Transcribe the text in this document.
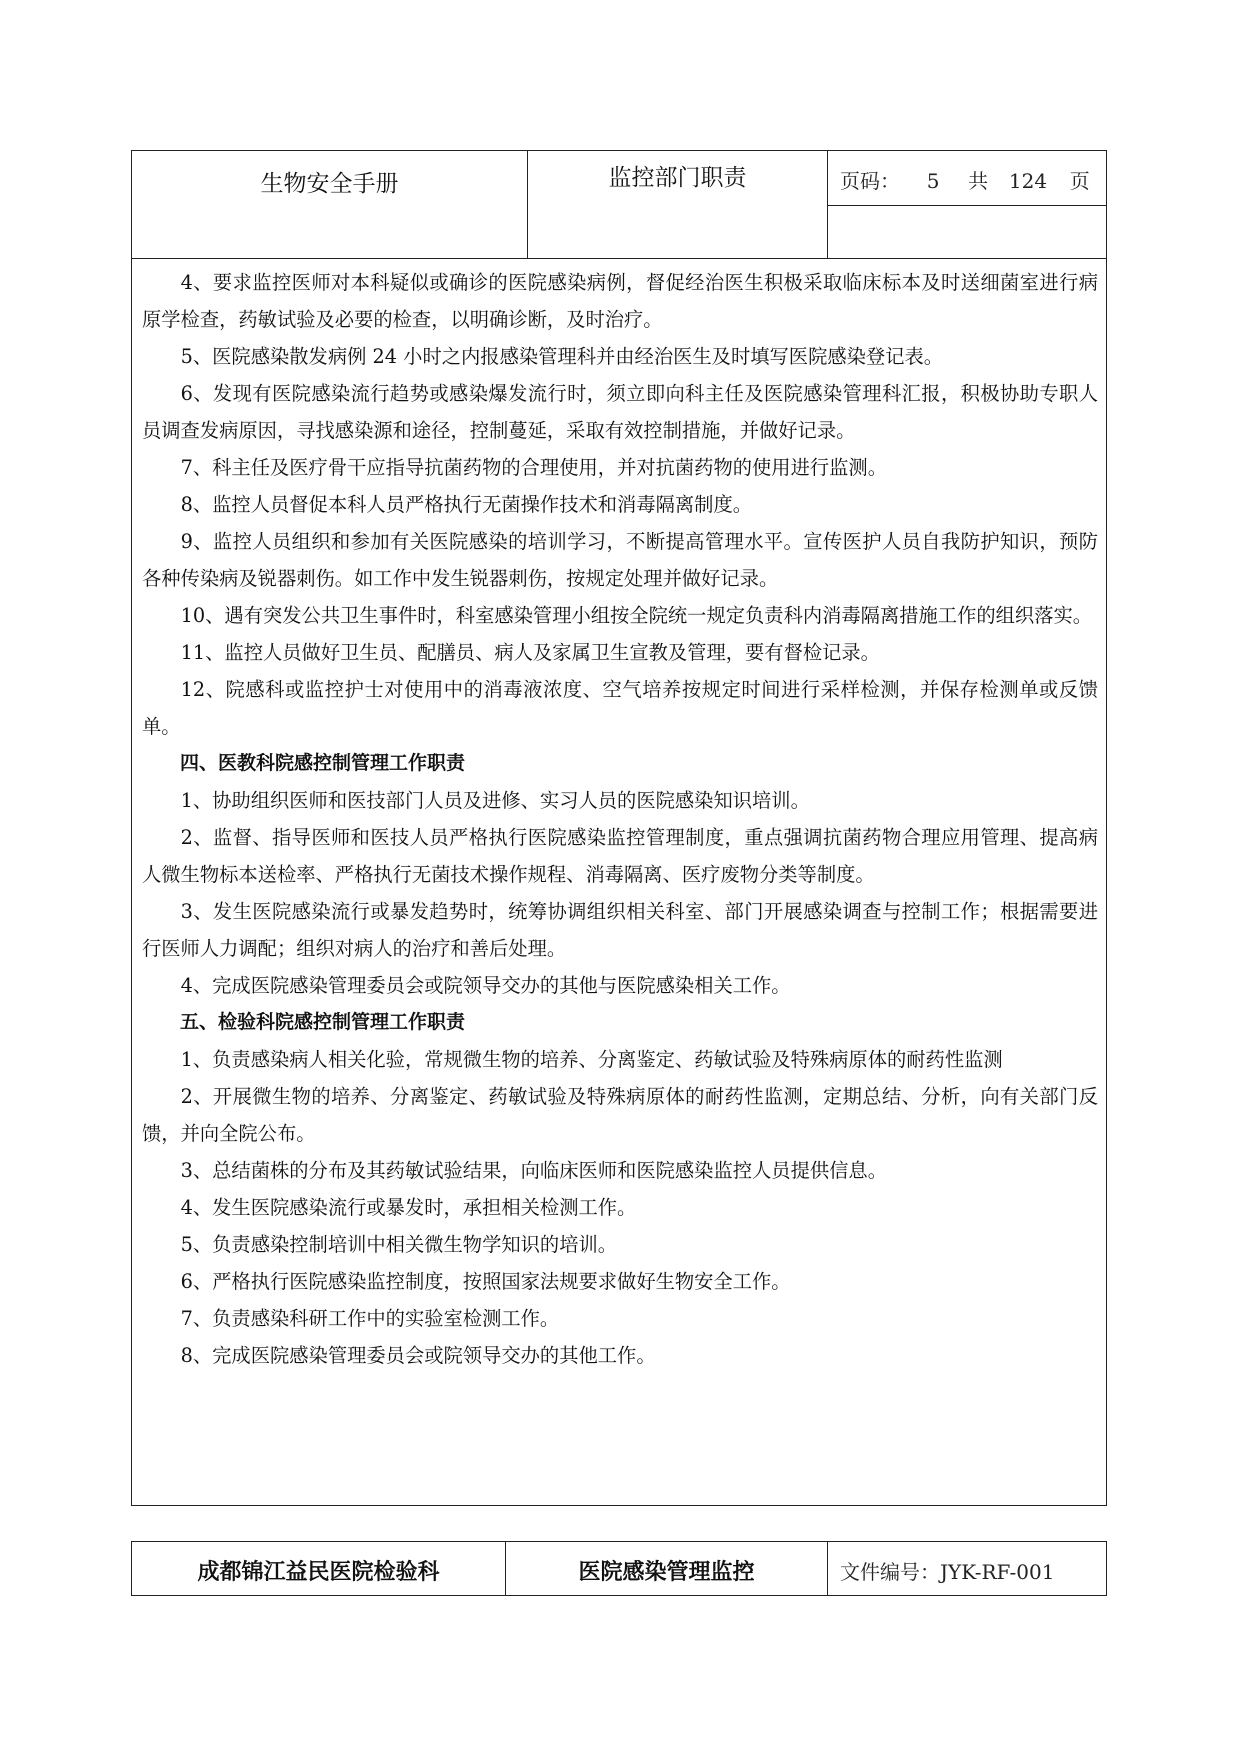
生物安全手册	监控部门职责	页码： 5 共 124 页

4、要求监控医师对本科疑似或确诊的医院感染病例，督促经治医生积极采取临床标本及时送细菌室进行病原学检查，药敏试验及必要的检查，以明确诊断，及时治疗。

5、医院感染散发病例 24 小时之内报感染管理科并由经治医生及时填写医院感染登记表。

6、发现有医院感染流行趋势或感染爆发流行时，须立即向科主任及医院感染管理科汇报，积极协助专职人员调查发病原因，寻找感染源和途径，控制蔓延，采取有效控制措施，并做好记录。

7、科主任及医疗骨干应指导抗菌药物的合理使用，并对抗菌药物的使用进行监测。

8、监控人员督促本科人员严格执行无菌操作技术和消毒隔离制度。

9、监控人员组织和参加有关医院感染的培训学习，不断提高管理水平。宣传医护人员自我防护知识，预防各种传染病及锐器刺伤。如工作中发生锐器刺伤，按规定处理并做好记录。

10、遇有突发公共卫生事件时，科室感染管理小组按全院统一规定负责科内消毒隔离措施工作的组织落实。

11、监控人员做好卫生员、配膳员、病人及家属卫生宣教及管理，要有督检记录。

12、院感科或监控护士对使用中的消毒液浓度、空气培养按规定时间进行采样检测，并保存检测单或反馈单。

四、医教科院感控制管理工作职责

1、协助组织医师和医技部门人员及进修、实习人员的医院感染知识培训。

2、监督、指导医师和医技人员严格执行医院感染监控管理制度，重点强调抗菌药物合理应用管理、提高病人微生物标本送检率、严格执行无菌技术操作规程、消毒隔离、医疗废物分类等制度。

3、发生医院感染流行或暴发趋势时，统筹协调组织相关科室、部门开展感染调查与控制工作；根据需要进行医师人力调配；组织对病人的治疗和善后处理。

4、完成医院感染管理委员会或院领导交办的其他与医院感染相关工作。

五、检验科院感控制管理工作职责

1、负责感染病人相关化验，常规微生物的培养、分离鉴定、药敏试验及特殊病原体的耐药性监测

2、开展微生物的培养、分离鉴定、药敏试验及特殊病原体的耐药性监测，定期总结、分析，向有关部门反馈，并向全院公布。

3、总结菌株的分布及其药敏试验结果，向临床医师和医院感染监控人员提供信息。

4、发生医院感染流行或暴发时，承担相关检测工作。

5、负责感染控制培训中相关微生物学知识的培训。

6、严格执行医院感染监控制度，按照国家法规要求做好生物安全工作。

7、负责感染科研工作中的实验室检测工作。

8、完成医院感染管理委员会或院领导交办的其他工作。

成都锦江益民医院检验科	医院感染管理监控	文件编号：JYK-RF-001
